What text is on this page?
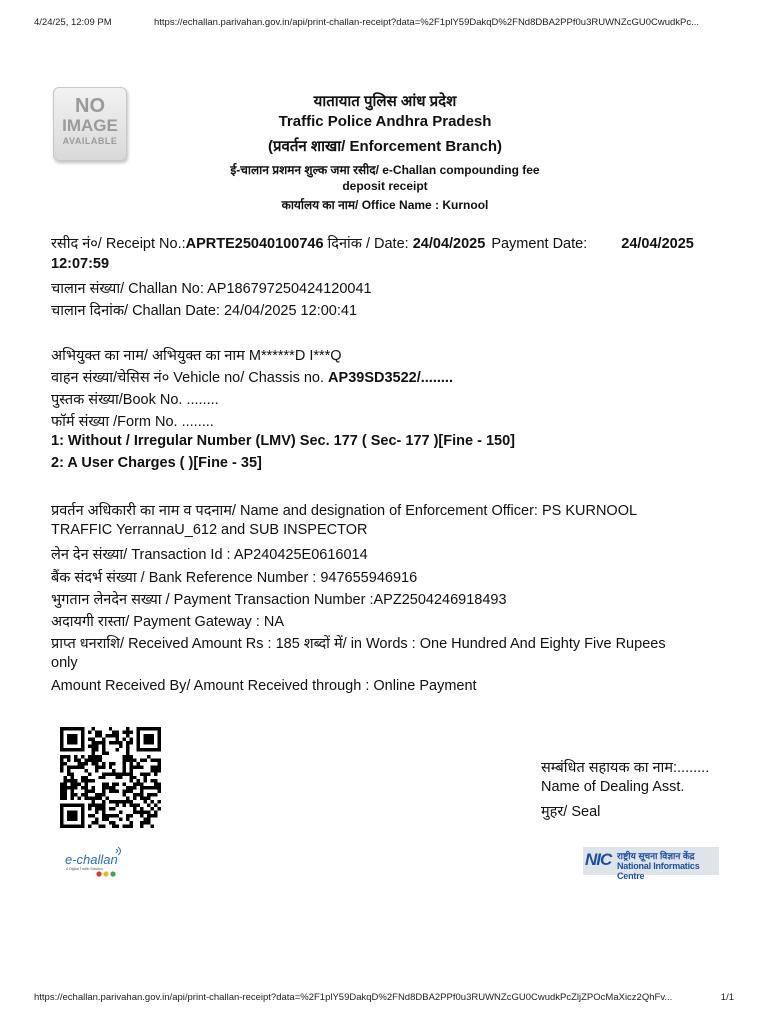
4/24/25, 12:09 PM	https://echallan.parivahan.gov.in/api/print-challan-receipt?data=%2F1plY59DakqD%2FNd8DBA2PPf0u3RUWNZcGU0CwudkPc...
NO
IMAGE
AVAILABLE
यातायात पुलिस आंध प्रदेश
Traffic Police Andhra Pradesh
(प्रवर्तन शाखा/ Enforcement Branch)
ई-चालान प्रशमन शुल्क जमा रसीद/ e-Challan compounding fee
deposit receipt
कार्यालय का नाम/ Office Name : Kurnool
रसीद नं०/ Receipt No.:APRTE25040100746 दिनांक / Date: 24/04/2025 Payment Date: 24/04/2025
12:07:59
चालान संख्या/ Challan No: AP186797250424120041
चालान दिनांक/ Challan Date: 24/04/2025 12:00:41
अभियुक्त का नाम/ अभियुक्त का नाम M******D I***Q
वाहन संख्या/चेसिस नं० Vehicle no/ Chassis no. AP39SD3522/........
पुस्तक संख्या/Book No. ........
फॉर्म संख्या /Form No. ........
1: Without / Irregular Number (LMV) Sec. 177 ( Sec- 177 )[Fine - 150]
2: A User Charges ( )[Fine - 35]
प्रवर्तन अधिकारी का नाम व पदनाम/ Name and designation of Enforcement Officer: PS KURNOOL
TRAFFIC YerrannaU_612 and SUB INSPECTOR
लेन देन संख्या/ Transaction Id : AP240425E0616014
बैंक संदर्भ संख्या / Bank Reference Number : 947655946916
भुगतान लेनदेन सख्या / Payment Transaction Number :APZ2504246918493
अदायगी रास्ता/ Payment Gateway : NA
प्राप्त धनराशि/ Received Amount Rs : 185 शब्दों में/ in Words : One Hundred And Eighty Five Rupees
only
Amount Received By/ Amount Received through : Online Payment
e-challan
A Digital Traffic Solution
सम्बंधित सहायक का नाम:........
Name of Dealing Asst.
मुहर/ Seal
NIC राष्ट्रीय सूचना विज्ञान केंद्र
National Informatics Centre
https://echallan.parivahan.gov.in/api/print-challan-receipt?data=%2F1plY59DakqD%2FNd8DBA2PPf0u3RUWNZcGU0CwudkPcZljZPOcMaXicz2QhFv...	1/1
